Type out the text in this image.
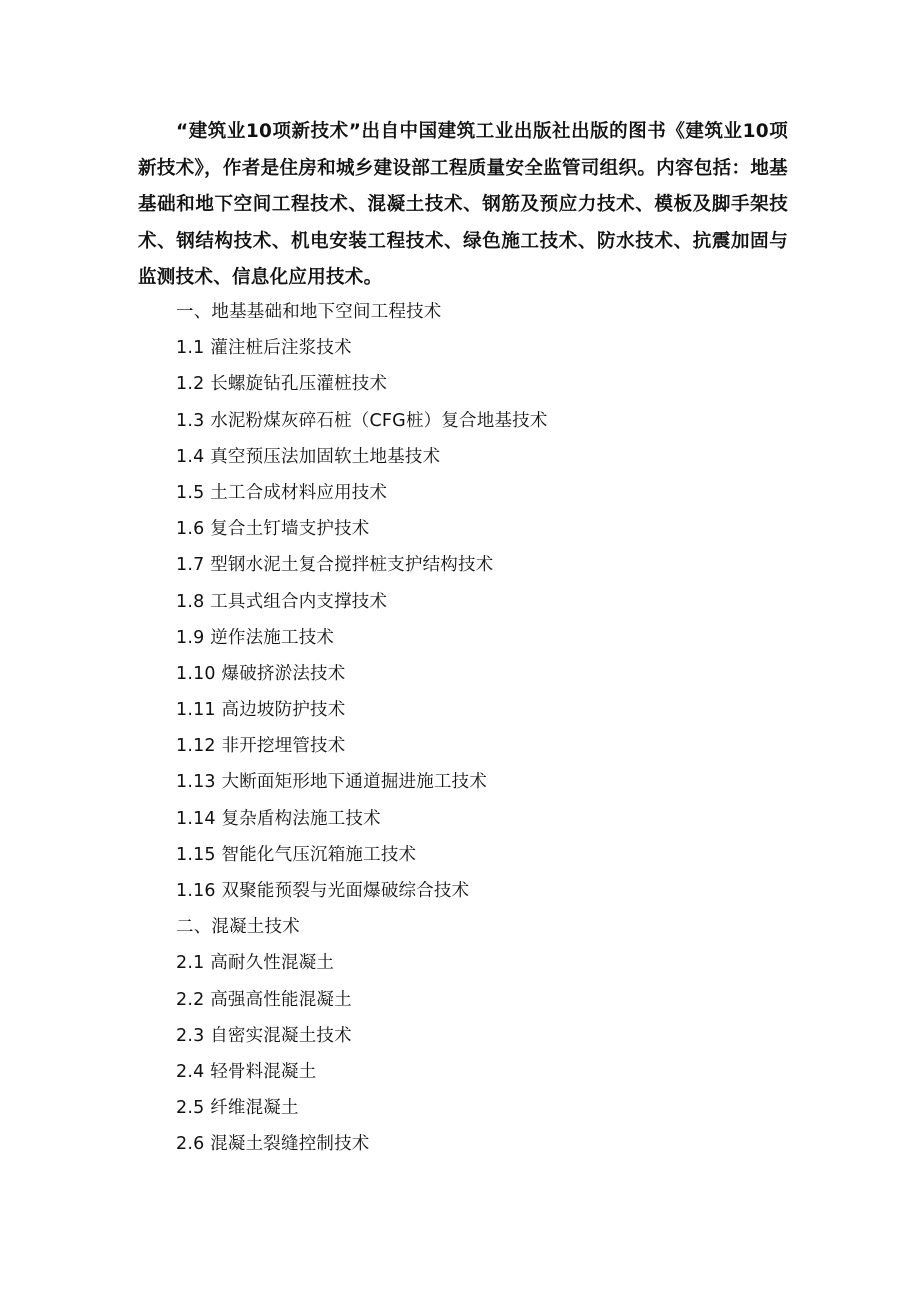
“建筑业10项新技术”出自中国建筑工业出版社出版的图书《建筑业10项新技术》，作者是住房和城乡建设部工程质量安全监管司组织。内容包括：地基基础和地下空间工程技术、混凝土技术、钢筋及预应力技术、模板及脚手架技术、钢结构技术、机电安装工程技术、绿色施工技术、防水技术、抗震加固与监测技术、信息化应用技术。

一、地基基础和地下空间工程技术
1.1 灌注桩后注浆技术
1.2 长螺旋钻孔压灌桩技术
1.3 水泥粉煤灰碎石桩（CFG桩）复合地基技术
1.4 真空预压法加固软土地基技术
1.5 土工合成材料应用技术
1.6 复合土钉墙支护技术
1.7 型钢水泥土复合搅拌桩支护结构技术
1.8 工具式组合内支撑技术
1.9 逆作法施工技术
1.10 爆破挤淤法技术
1.11 高边坡防护技术
1.12 非开挖埋管技术
1.13 大断面矩形地下通道掘进施工技术
1.14 复杂盾构法施工技术
1.15 智能化气压沉箱施工技术
1.16 双聚能预裂与光面爆破综合技术
二、混凝土技术
2.1 高耐久性混凝土
2.2 高强高性能混凝土
2.3 自密实混凝土技术
2.4 轻骨料混凝土
2.5 纤维混凝土
2.6 混凝土裂缝控制技术
